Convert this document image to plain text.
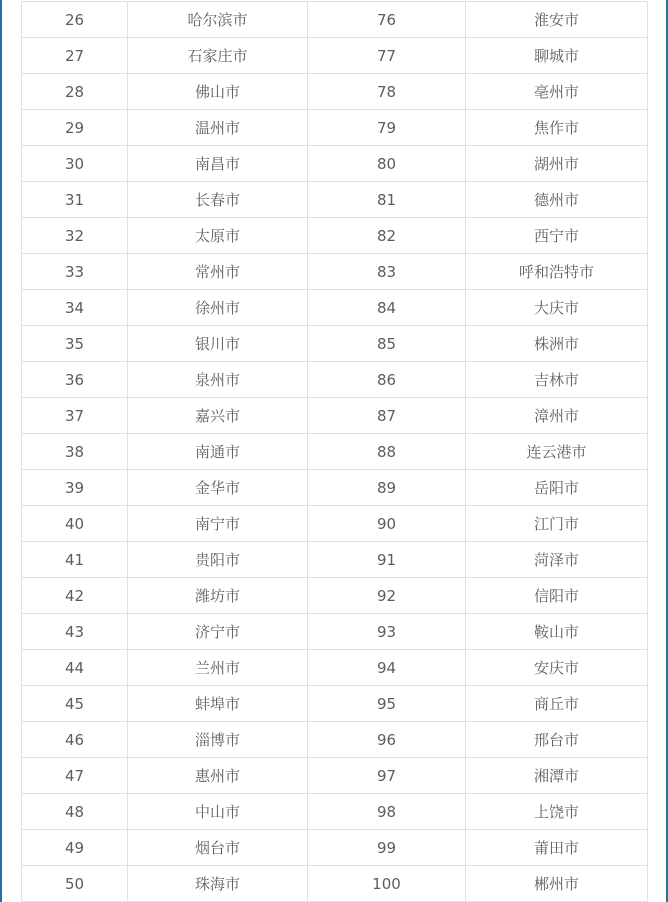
26	哈尔滨市	76	淮安市
27	石家庄市	77	聊城市
28	佛山市	78	亳州市
29	温州市	79	焦作市
30	南昌市	80	湖州市
31	长春市	81	德州市
32	太原市	82	西宁市
33	常州市	83	呼和浩特市
34	徐州市	84	大庆市
35	银川市	85	株洲市
36	泉州市	86	吉林市
37	嘉兴市	87	漳州市
38	南通市	88	连云港市
39	金华市	89	岳阳市
40	南宁市	90	江门市
41	贵阳市	91	菏泽市
42	潍坊市	92	信阳市
43	济宁市	93	鞍山市
44	兰州市	94	安庆市
45	蚌埠市	95	商丘市
46	淄博市	96	邢台市
47	惠州市	97	湘潭市
48	中山市	98	上饶市
49	烟台市	99	莆田市
50	珠海市	100	郴州市
